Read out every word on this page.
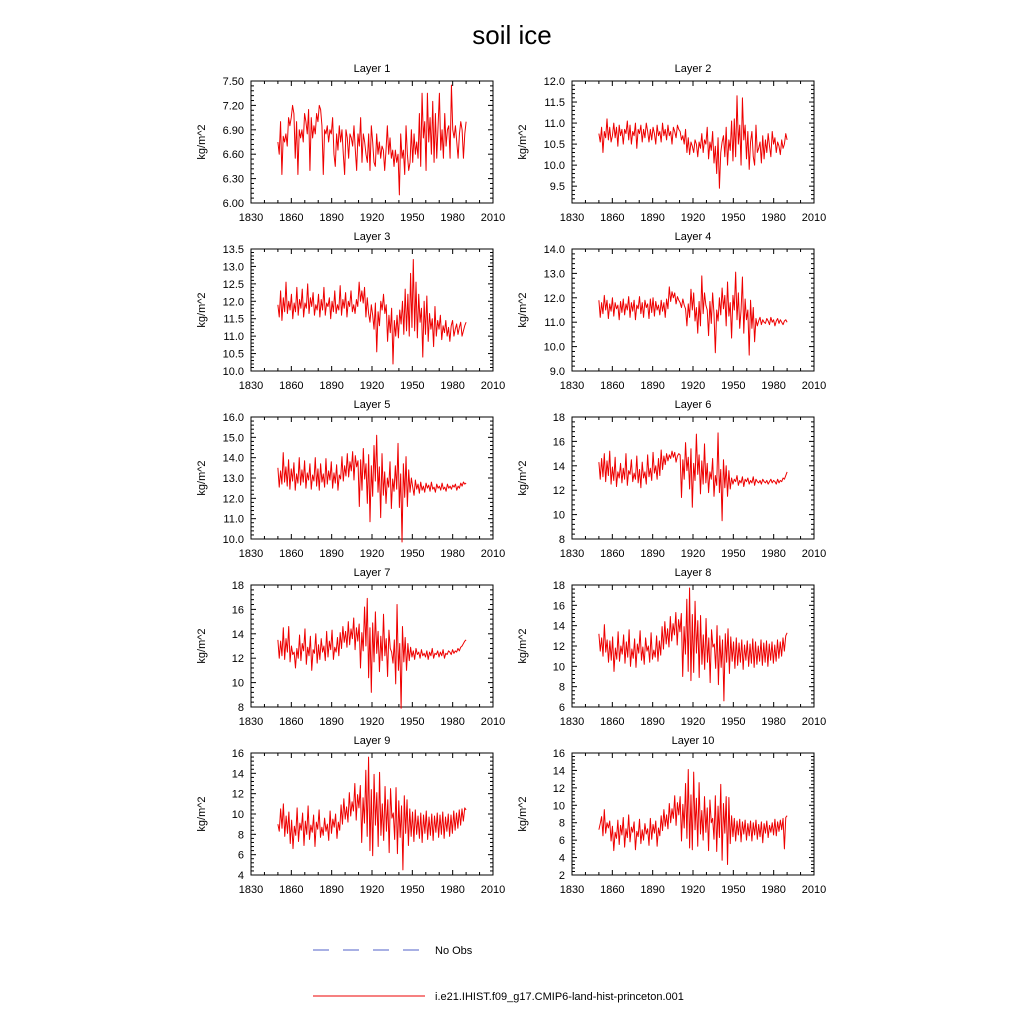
soil ice
Layer 1
kg/m^2
6.00
6.30
6.60
6.90
7.20
7.50
1830 1860 1890 1920 1950 1980 2010
Layer 2
kg/m^2
9.5
10.0
10.5
11.0
11.5
12.0
1830 1860 1890 1920 1950 1980 2010
Layer 3
kg/m^2
10.0
10.5
11.0
11.5
12.0
12.5
13.0
13.5
1830 1860 1890 1920 1950 1980 2010
Layer 4
kg/m^2
9.0
10.0
11.0
12.0
13.0
14.0
1830 1860 1890 1920 1950 1980 2010
Layer 5
kg/m^2
10.0
11.0
12.0
13.0
14.0
15.0
16.0
1830 1860 1890 1920 1950 1980 2010
Layer 6
kg/m^2
8
10
12
14
16
18
1830 1860 1890 1920 1950 1980 2010
Layer 7
kg/m^2
8
10
12
14
16
18
1830 1860 1890 1920 1950 1980 2010
Layer 8
kg/m^2
6
8
10
12
14
16
18
1830 1860 1890 1920 1950 1980 2010
Layer 9
kg/m^2
4
6
8
10
12
14
16
1830 1860 1890 1920 1950 1980 2010
Layer 10
kg/m^2
2
4
6
8
10
12
14
16
1830 1860 1890 1920 1950 1980 2010
No Obs
i.e21.IHIST.f09_g17.CMIP6-land-hist-princeton.001
